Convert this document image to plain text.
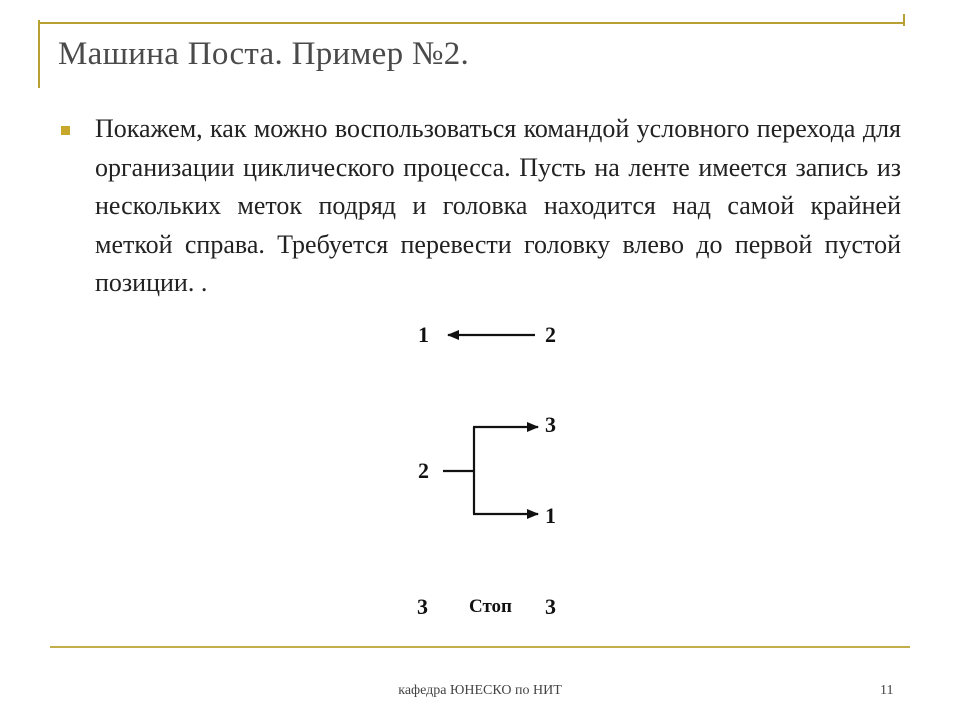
Машина Поста. Пример №2.
Покажем, как можно воспользоваться командой условного перехода для организации циклического процесса. Пусть на ленте имеется запись из нескольких меток подряд и головка находится над самой крайней меткой справа. Требуется перевести головку влево до первой пустой позиции. .
1	2
2
3
1
3 Стоп 3
кафедра ЮНЕСКО по НИТ	11
